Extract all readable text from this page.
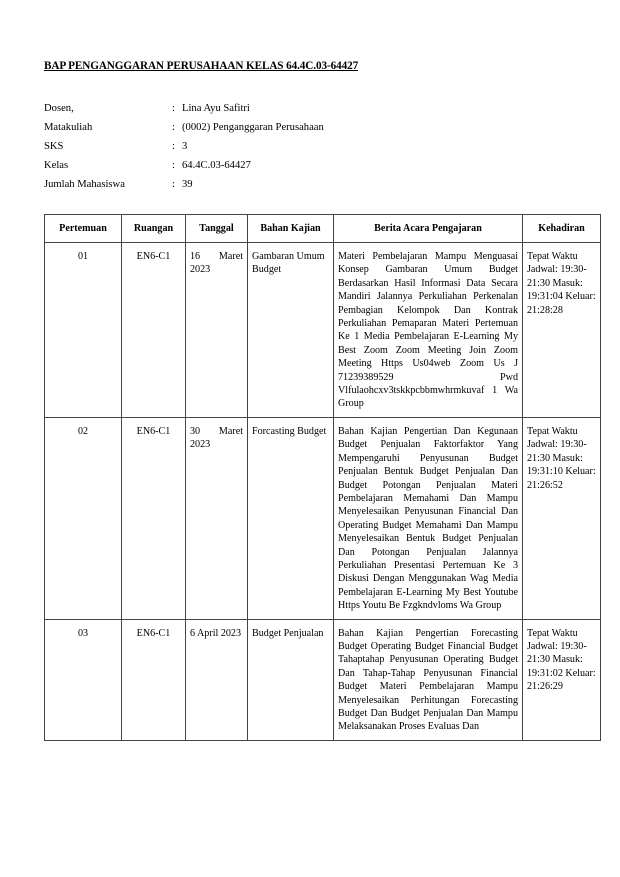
BAP PENGANGGARAN PERUSAHAAN KELAS 64.4C.03-64427
Dosen,	: Lina Ayu Safitri
Matakuliah	: (0002) Penganggaran Perusahaan
SKS	: 3
Kelas	: 64.4C.03-64427
Jumlah Mahasiswa	: 39
Pertemuan	Ruangan	Tanggal	Bahan Kajian	Berita Acara Pengajaran	Kehadiran
01	EN6-C1	16 Maret 2023	Gambaran Umum Budget	Materi Pembelajaran Mampu Menguasai Konsep Gambaran Umum Budget Berdasarkan Hasil Informasi Data Secara Mandiri Jalannya Perkuliahan Perkenalan Pembagian Kelompok Dan Kontrak Perkuliahan Pemaparan Materi Pertemuan Ke 1 Media Pembelajaran E-Learning My Best Zoom Zoom Meeting Join Zoom Meeting Https Us04web Zoom Us J 71239389529 Pwd Vlfulaohcxv3tskkpcbbmwhrmkuvaf 1 Wa Group	Tepat Waktu Jadwal: 19:30-21:30 Masuk: 19:31:04 Keluar: 21:28:28
02	EN6-C1	30 Maret 2023	Forcasting Budget	Bahan Kajian Pengertian Dan Kegunaan Budget Penjualan Faktorfaktor Yang Mempengaruhi Penyusunan Budget Penjualan Bentuk Budget Penjualan Dan Budget Potongan Penjualan Materi Pembelajaran Memahami Dan Mampu Menyelesaikan Penyusunan Financial Dan Operating Budget Memahami Dan Mampu Menyelesaikan Bentuk Budget Penjualan Dan Potongan Penjualan Jalannya Perkuliahan Presentasi Pertemuan Ke 3 Diskusi Dengan Menggunakan Wag Media Pembelajaran E-Learning My Best Youtube Https Youtu Be Fzgkndvloms Wa Group	Tepat Waktu Jadwal: 19:30-21:30 Masuk: 19:31:10 Keluar: 21:26:52
03	EN6-C1	6 April 2023	Budget Penjualan	Bahan Kajian Pengertian Forecasting Budget Operating Budget Financial Budget Tahaptahap Penyusunan Operating Budget Dan Tahap-Tahap Penyusunan Financial Budget Materi Pembelajaran Mampu Menyelesaikan Perhitungan Forecasting Budget Dan Budget Penjualan Dan Mampu Melaksanakan Proses Evaluas Dan	Tepat Waktu Jadwal: 19:30-21:30 Masuk: 19:31:02 Keluar: 21:26:29
